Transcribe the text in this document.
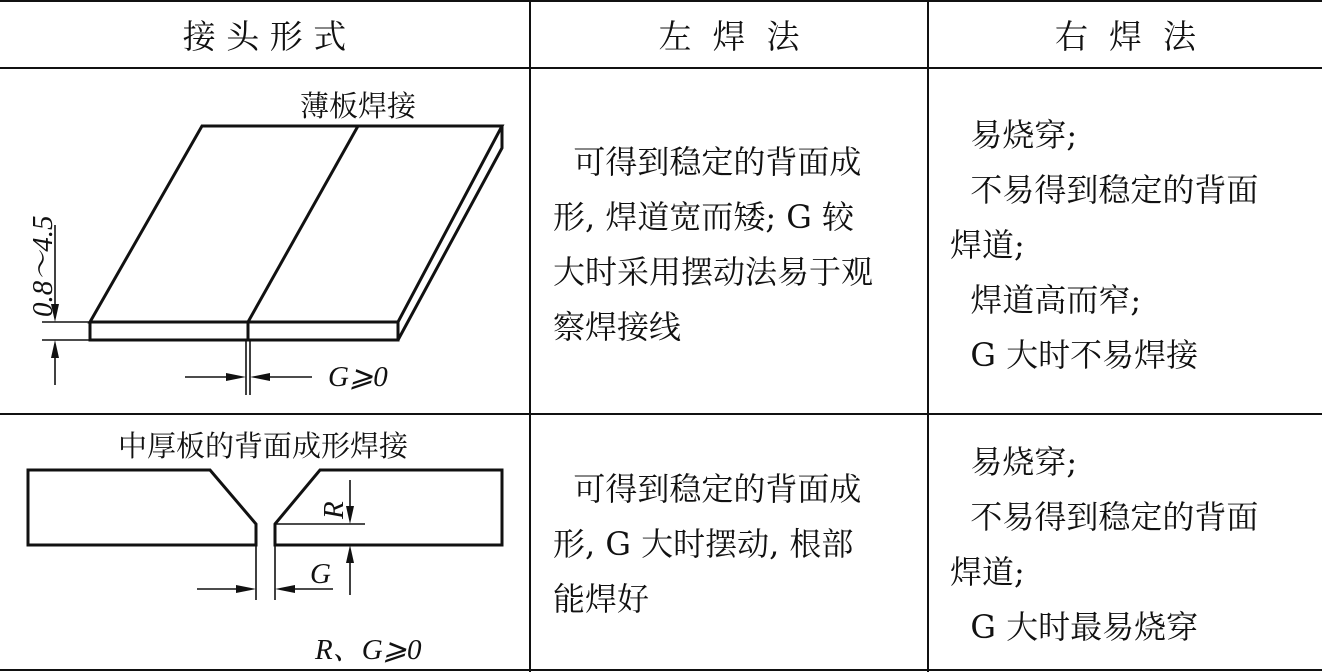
接 头 形 式	左  焊  法	右  焊  法
薄板焊接
0.8～4.5
G⩾0
可得到稳定的背面成
形, 焊道宽而矮; G 较
大时采用摆动法易于观
察焊接线
易烧穿;
不易得到稳定的背面
焊道;
焊道高而窄;
G 大时不易焊接
中厚板的背面成形焊接
R
G
R、G⩾0
可得到稳定的背面成
形, G 大时摆动, 根部
能焊好
易烧穿;
不易得到稳定的背面
焊道;
G 大时最易烧穿
